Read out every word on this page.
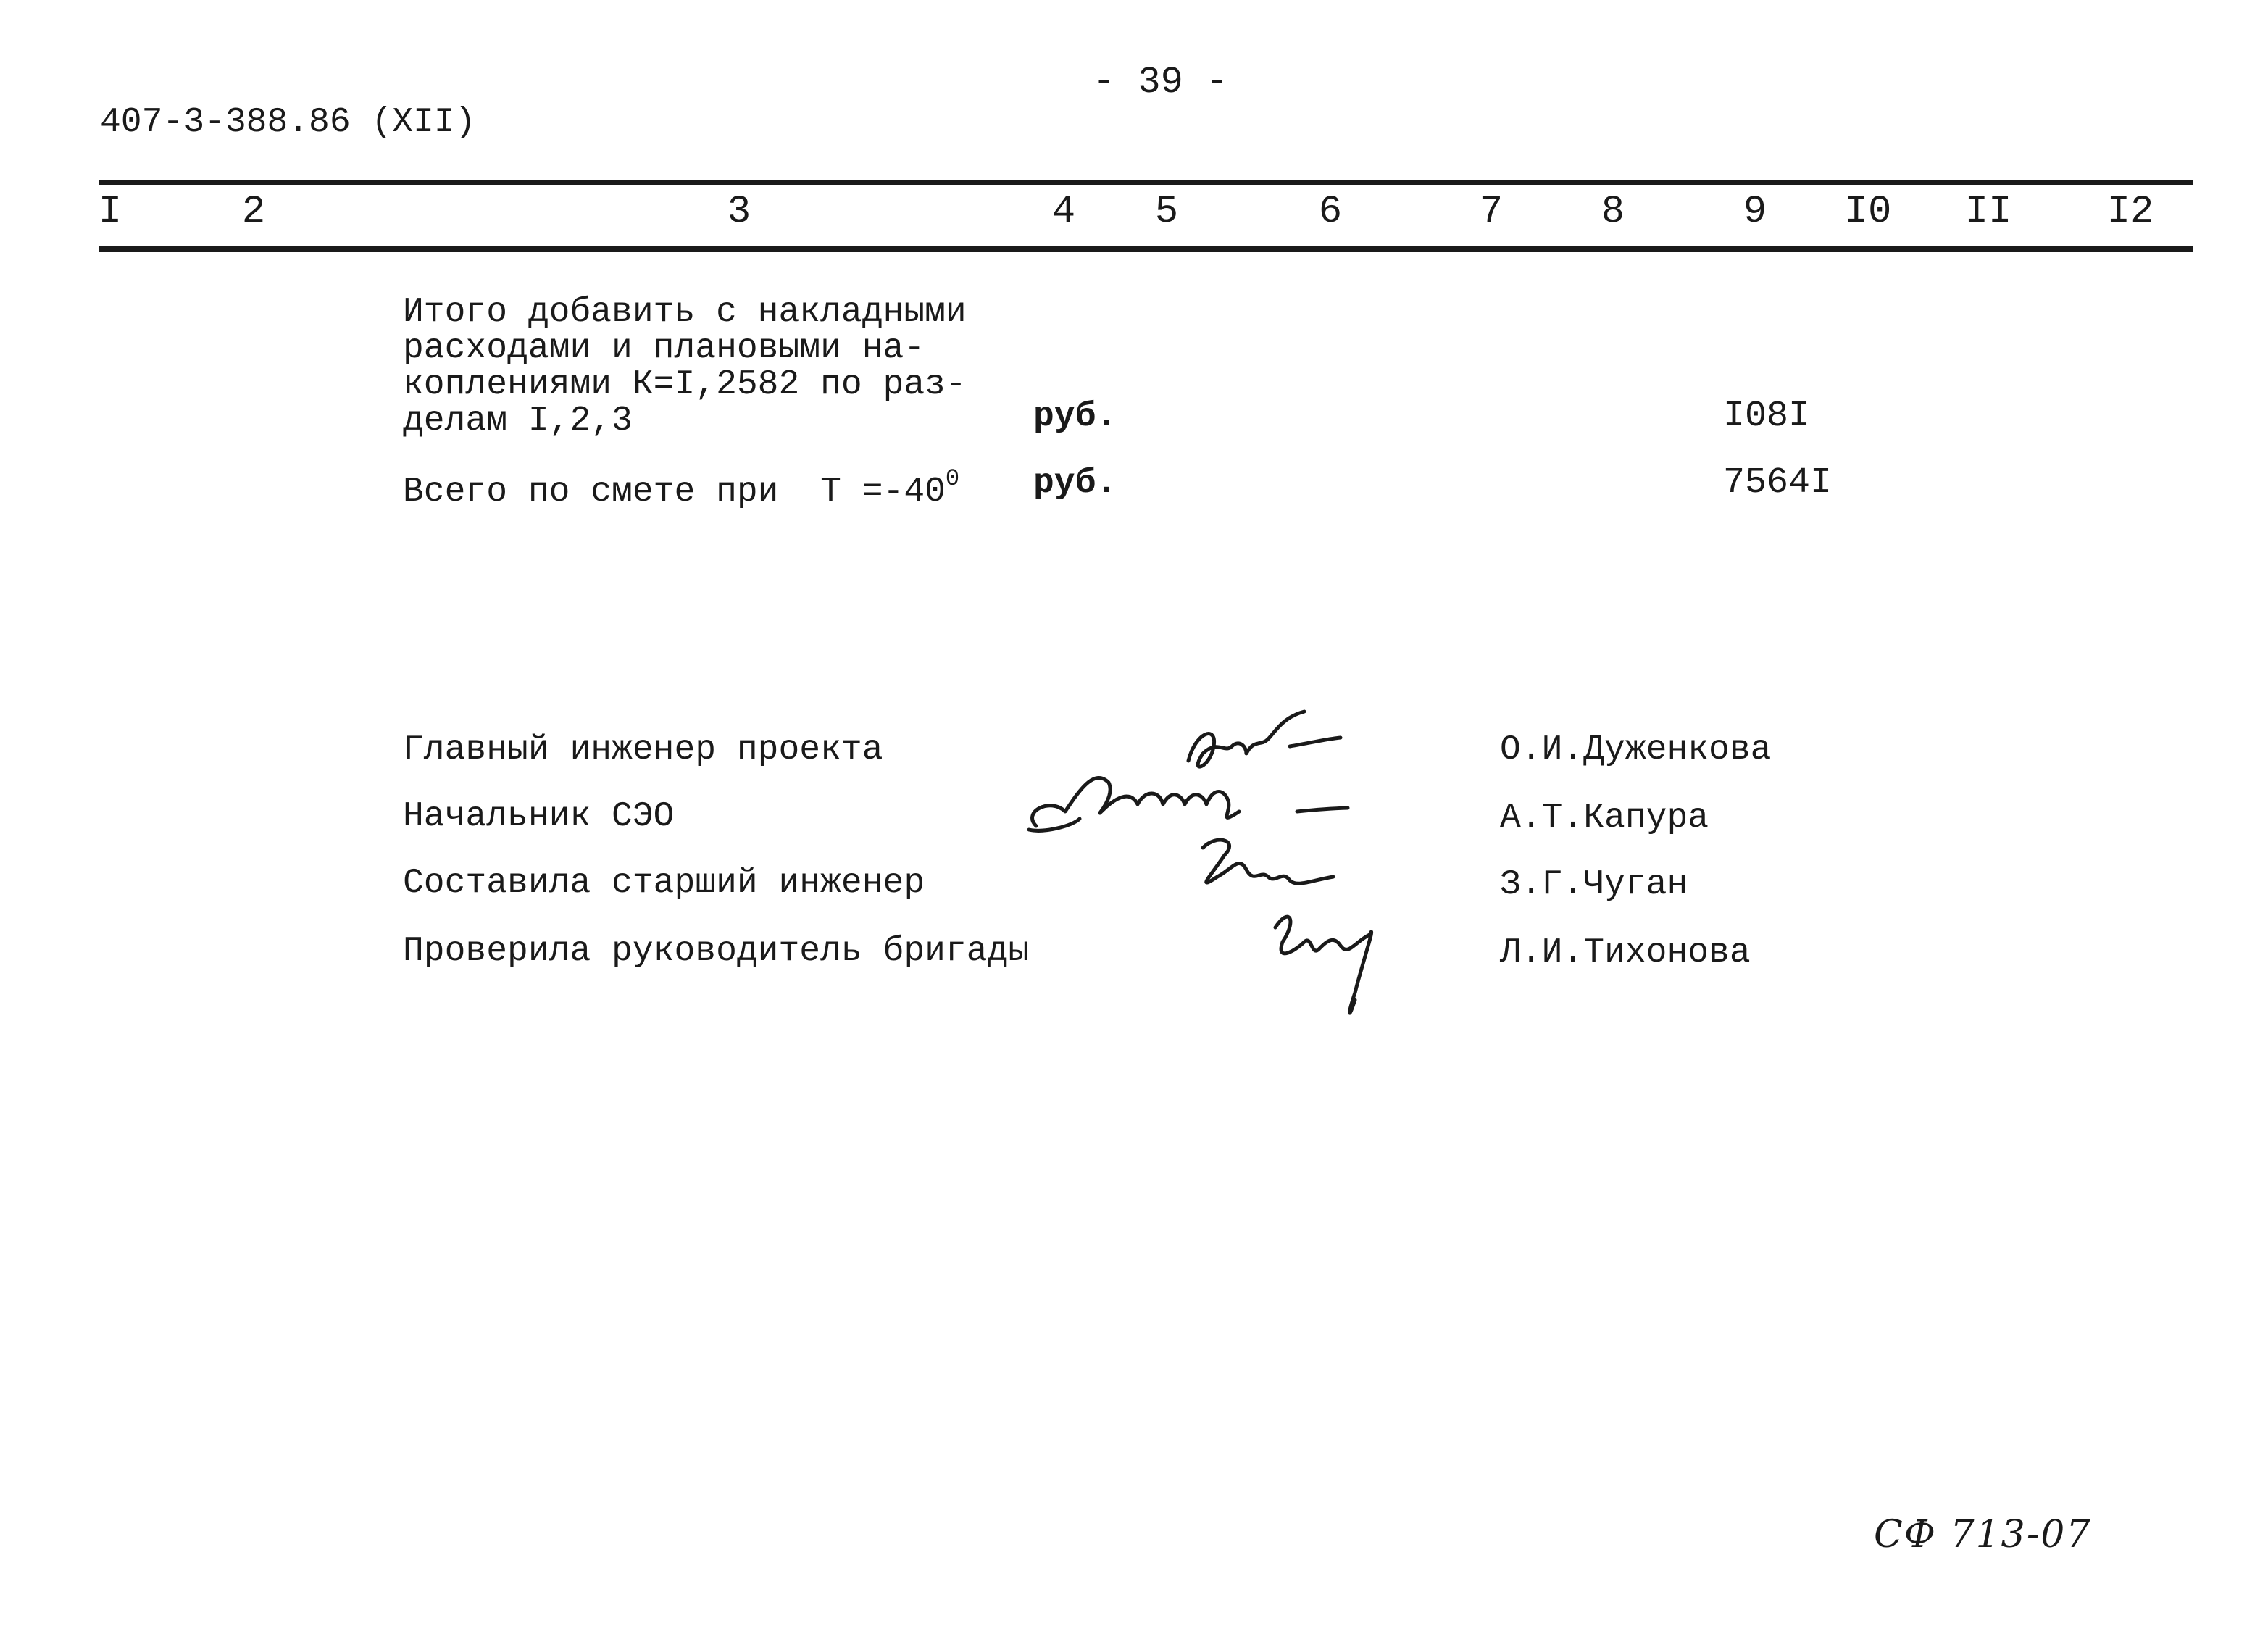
- 39 -
407-3-388.86 (XII)
I	2	3	4 5	6	7	8	9 I0 II I2
Итого добавить с накладными
расходами и плановыми на-
коплениями К=I,2582 по раз-
делам I,2,3	руб.	I08I
Всего по смете при  $Т =-40^0$ руб.	7564I
Главный инженер проекта
Начальник СЭО
Составила старший инженер
Проверила руководитель бригады
О.И.Дуженкова
А.Т.Капура
З.Г.Чуган
Л.И.Тихонова
СФ 713-07
